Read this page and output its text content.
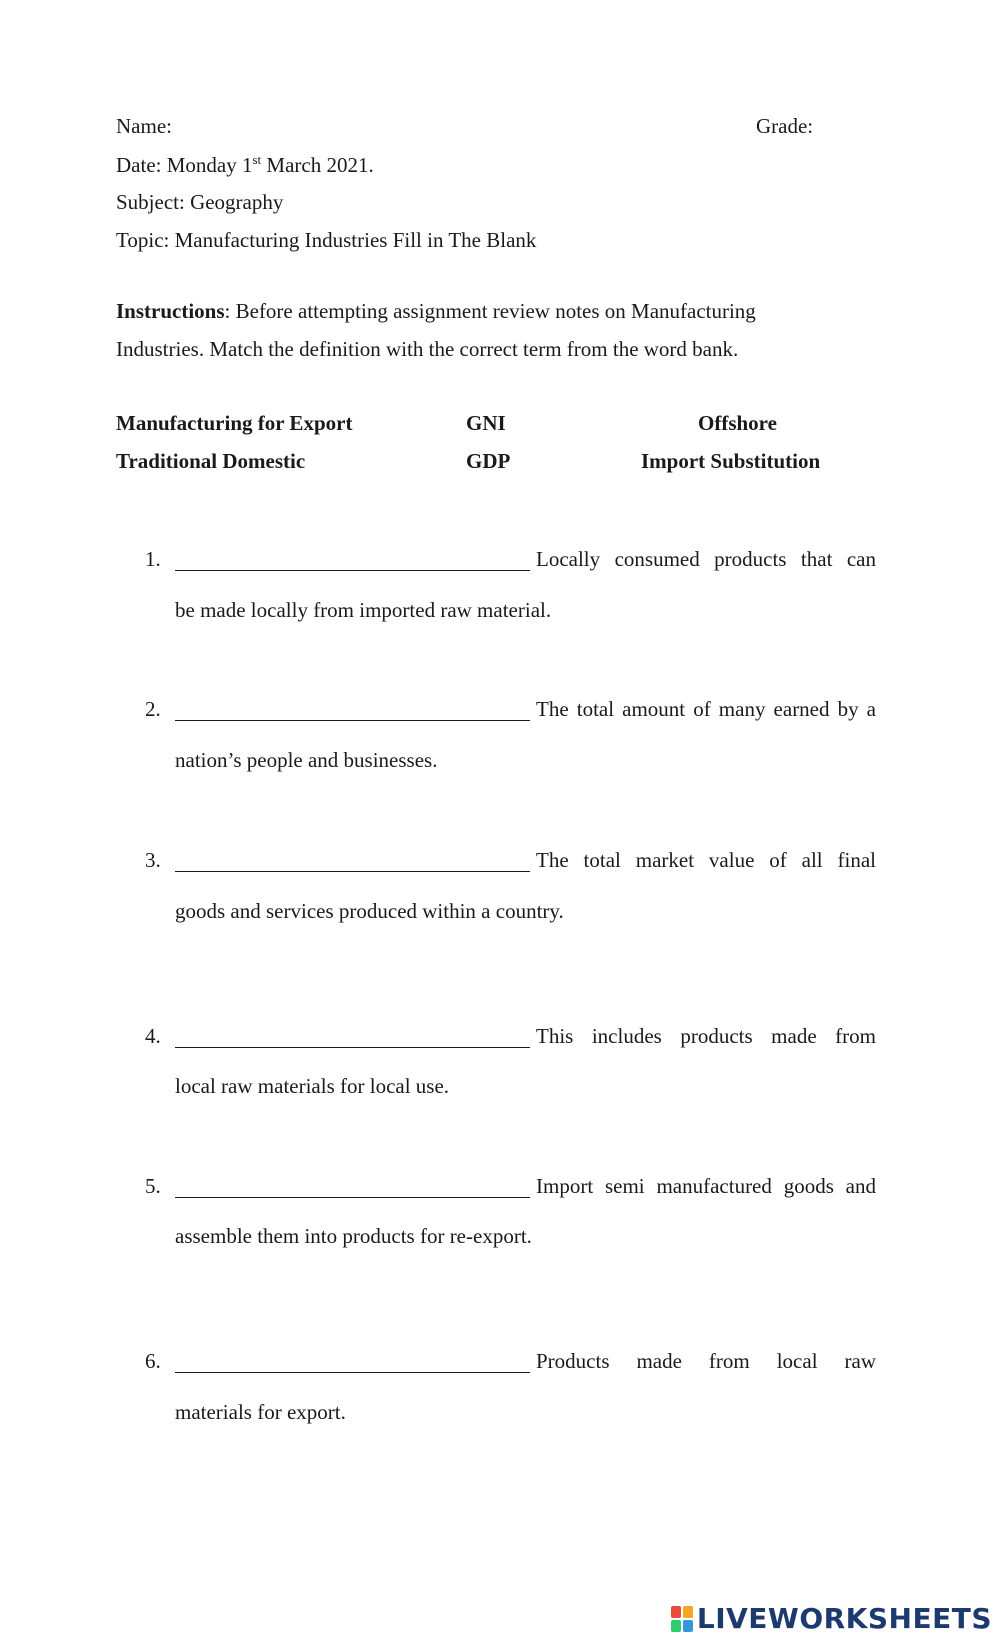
Name:	Grade:
Date: Monday 1st March 2021.
Subject: Geography
Topic: Manufacturing Industries Fill in The Blank
Instructions: Before attempting assignment review notes on Manufacturing
Industries. Match the definition with the correct term from the word bank.
Manufacturing for Export	GNI	Offshore
Traditional Domestic	GDP	Import Substitution
1.	Locally consumed products that can
be made locally from imported raw material.
2.	The total amount of many earned by a
nation’s people and businesses.
3.	The total market value of all final
goods and services produced within a country.
4.	This includes products made from
local raw materials for local use.
5.	Import semi manufactured goods and
assemble them into products for re-export.
6.	Products made from local raw
materials for export.
LIVEWORKSHEETS
